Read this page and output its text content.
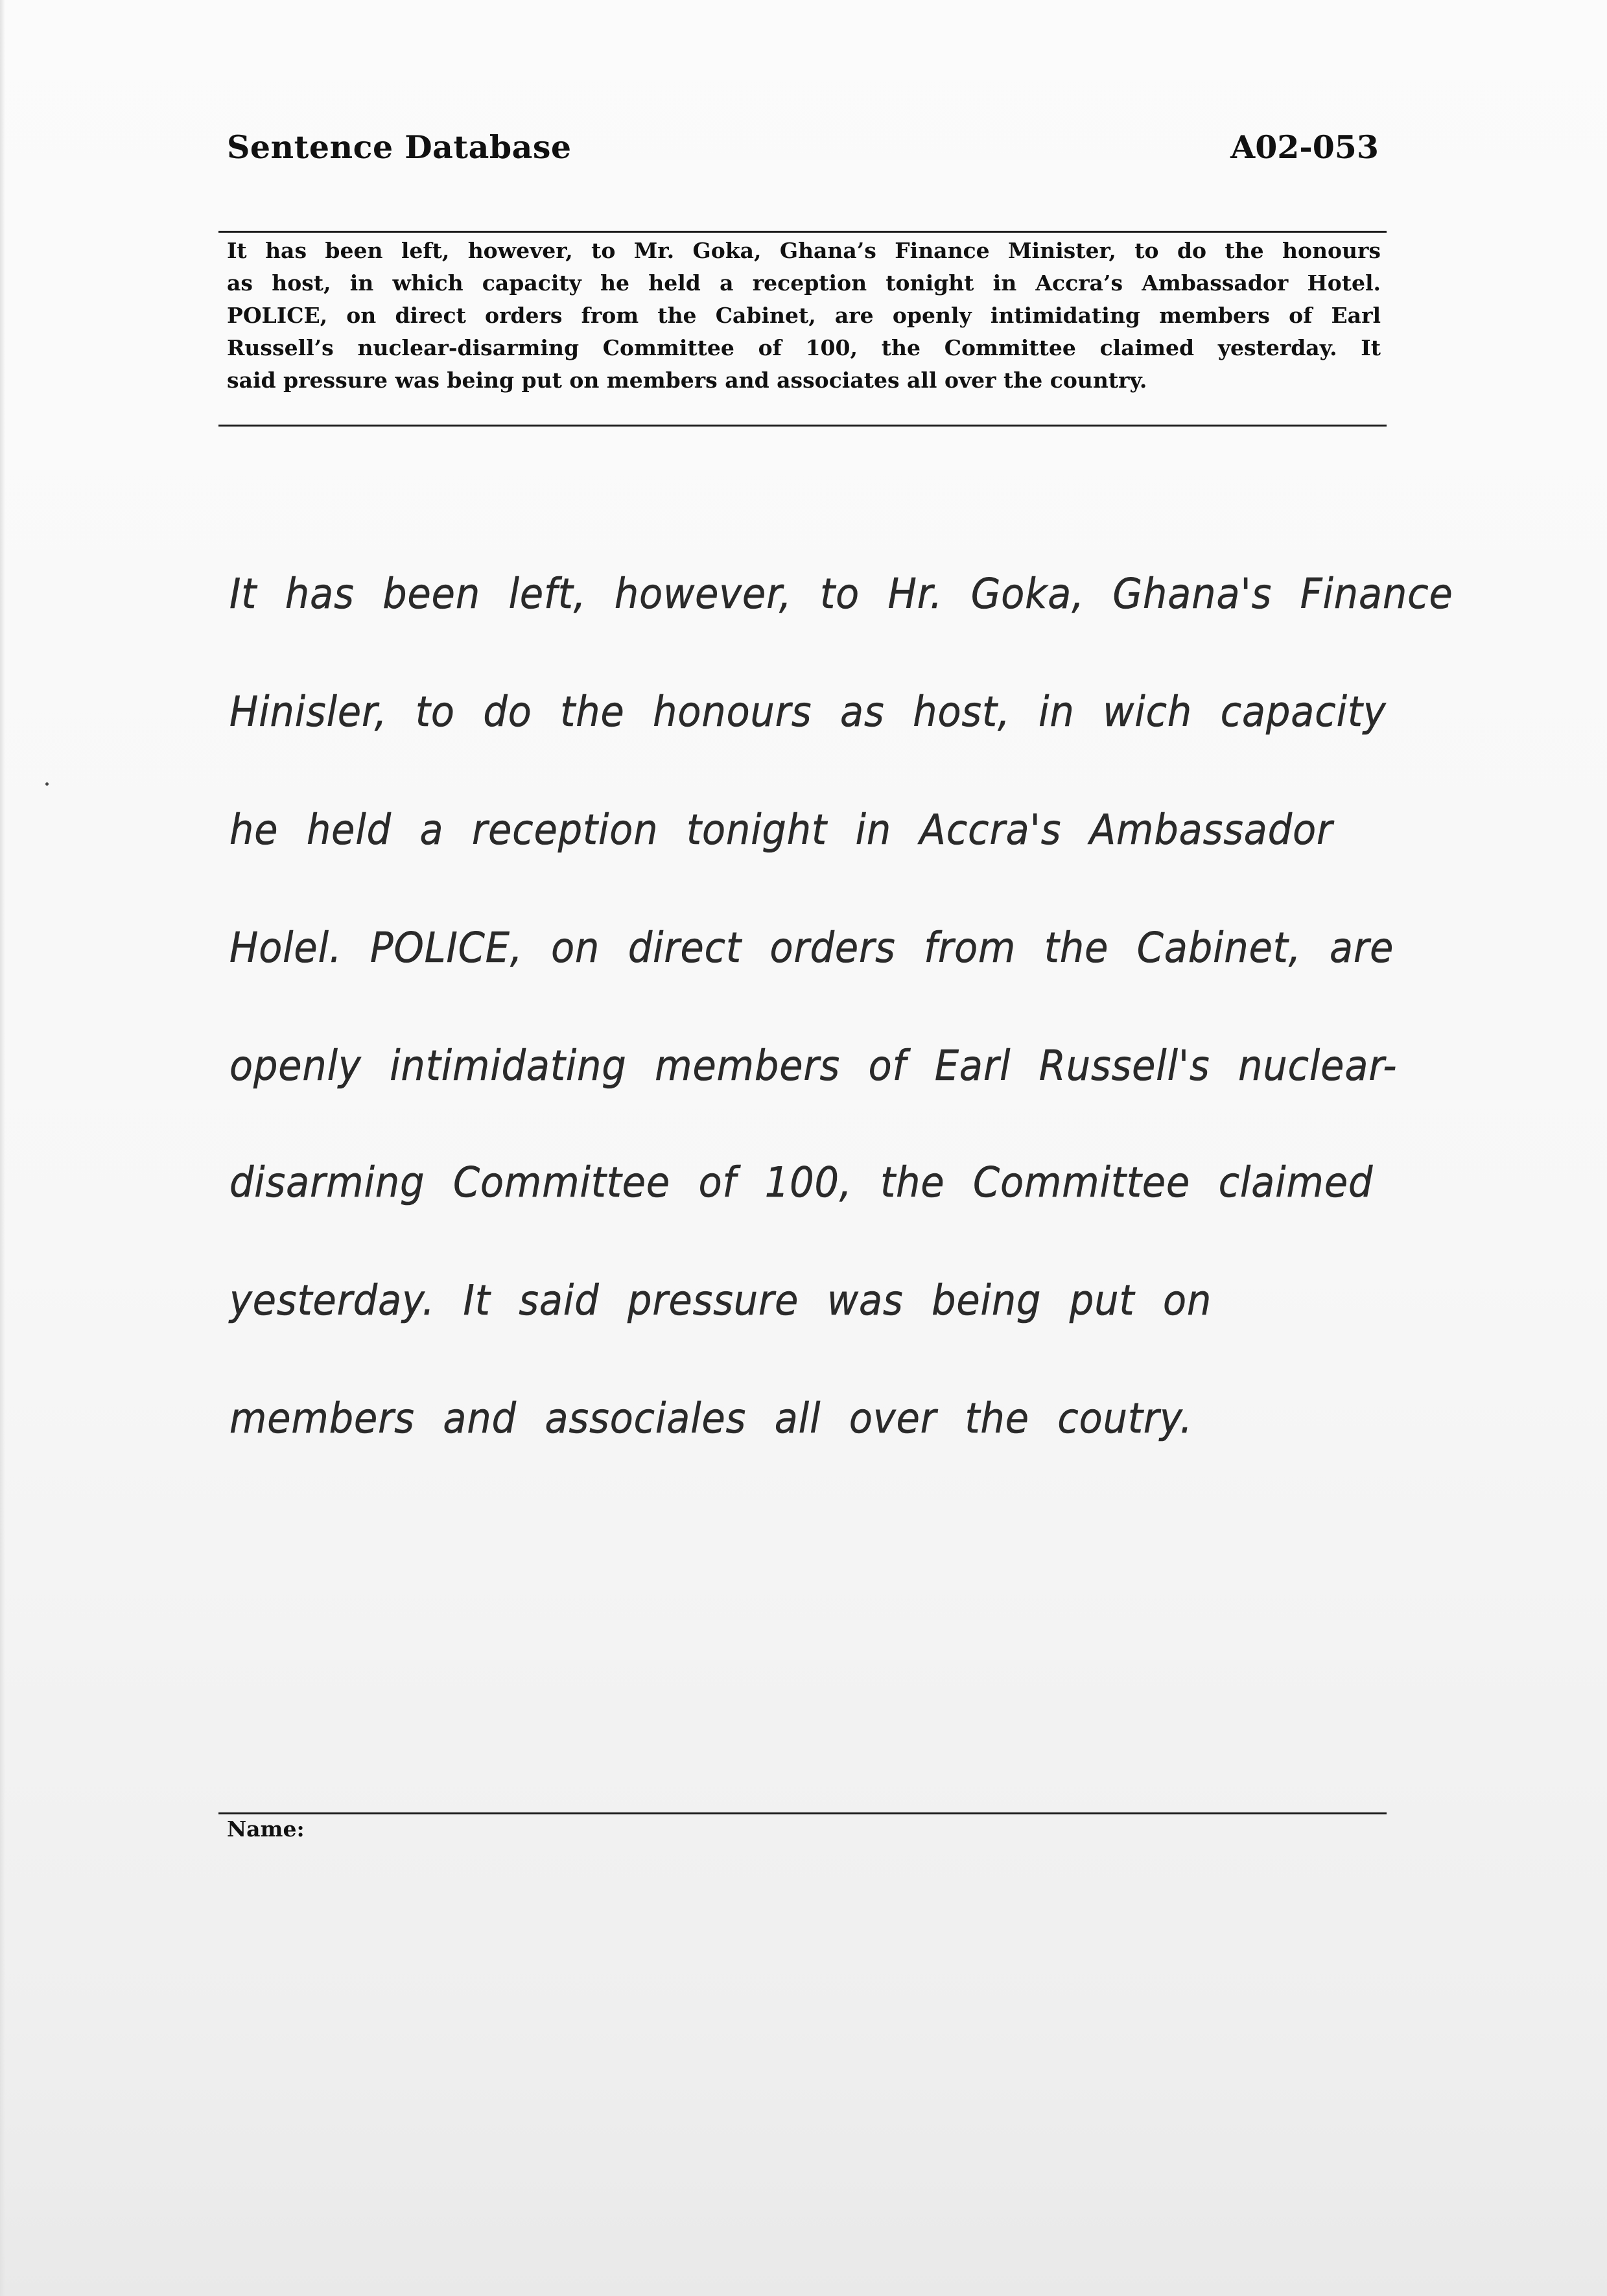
Sentence Database	A02-053
It has been left, however, to Mr. Goka, Ghana’s Finance Minister, to do the honours
as host, in which capacity he held a reception tonight in Accra’s Ambassador Hotel.
POLICE, on direct orders from the Cabinet, are openly intimidating members of Earl
Russell’s nuclear-disarming Committee of 100, the Committee claimed yesterday. It
said pressure was being put on members and associates all over the country.
It has been left, however, to Hr. Goka, Ghana's Finance
Hinisler, to do the honours as host, in wich capacity
he held a reception tonight in Accra's Ambassador
Holel. POLICE, on direct orders from the Cabinet, are
openly intimidating members of Earl Russell's nuclear-
disarming Committee of 100, the Committee claimed
yesterday. It said pressure was being put on
members and associales all over the coutry.
Name:
